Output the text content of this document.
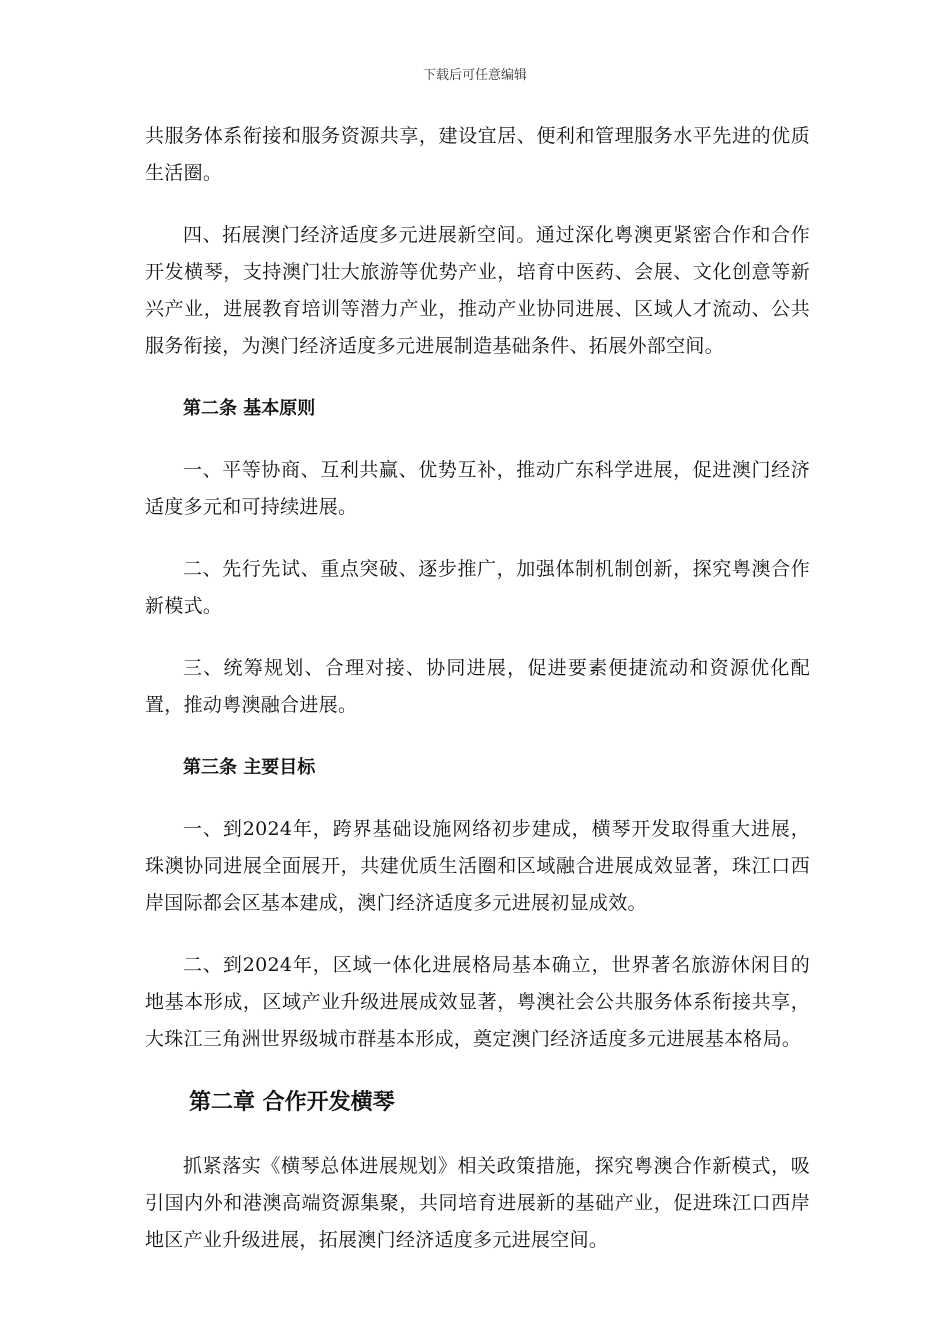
下载后可任意编辑

共服务体系衔接和服务资源共享，建设宜居、便利和管理服务水平先进的优质生活圈。

四、拓展澳门经济适度多元进展新空间。通过深化粤澳更紧密合作和合作开发横琴，支持澳门壮大旅游等优势产业，培育中医药、会展、文化创意等新兴产业，进展教育培训等潜力产业，推动产业协同进展、区域人才流动、公共服务衔接，为澳门经济适度多元进展制造基础条件、拓展外部空间。

第二条 基本原则

一、平等协商、互利共赢、优势互补，推动广东科学进展，促进澳门经济适度多元和可持续进展。

二、先行先试、重点突破、逐步推广，加强体制机制创新，探究粤澳合作新模式。

三、统筹规划、合理对接、协同进展，促进要素便捷流动和资源优化配置，推动粤澳融合进展。

第三条 主要目标

一、到2024年，跨界基础设施网络初步建成，横琴开发取得重大进展，珠澳协同进展全面展开，共建优质生活圈和区域融合进展成效显著，珠江口西岸国际都会区基本建成，澳门经济适度多元进展初显成效。

二、到2024年，区域一体化进展格局基本确立，世界著名旅游休闲目的地基本形成，区域产业升级进展成效显著，粤澳社会公共服务体系衔接共享，大珠江三角洲世界级城市群基本形成，奠定澳门经济适度多元进展基本格局。

第二章 合作开发横琴

抓紧落实《横琴总体进展规划》相关政策措施，探究粤澳合作新模式，吸引国内外和港澳高端资源集聚，共同培育进展新的基础产业，促进珠江口西岸地区产业升级进展，拓展澳门经济适度多元进展空间。
